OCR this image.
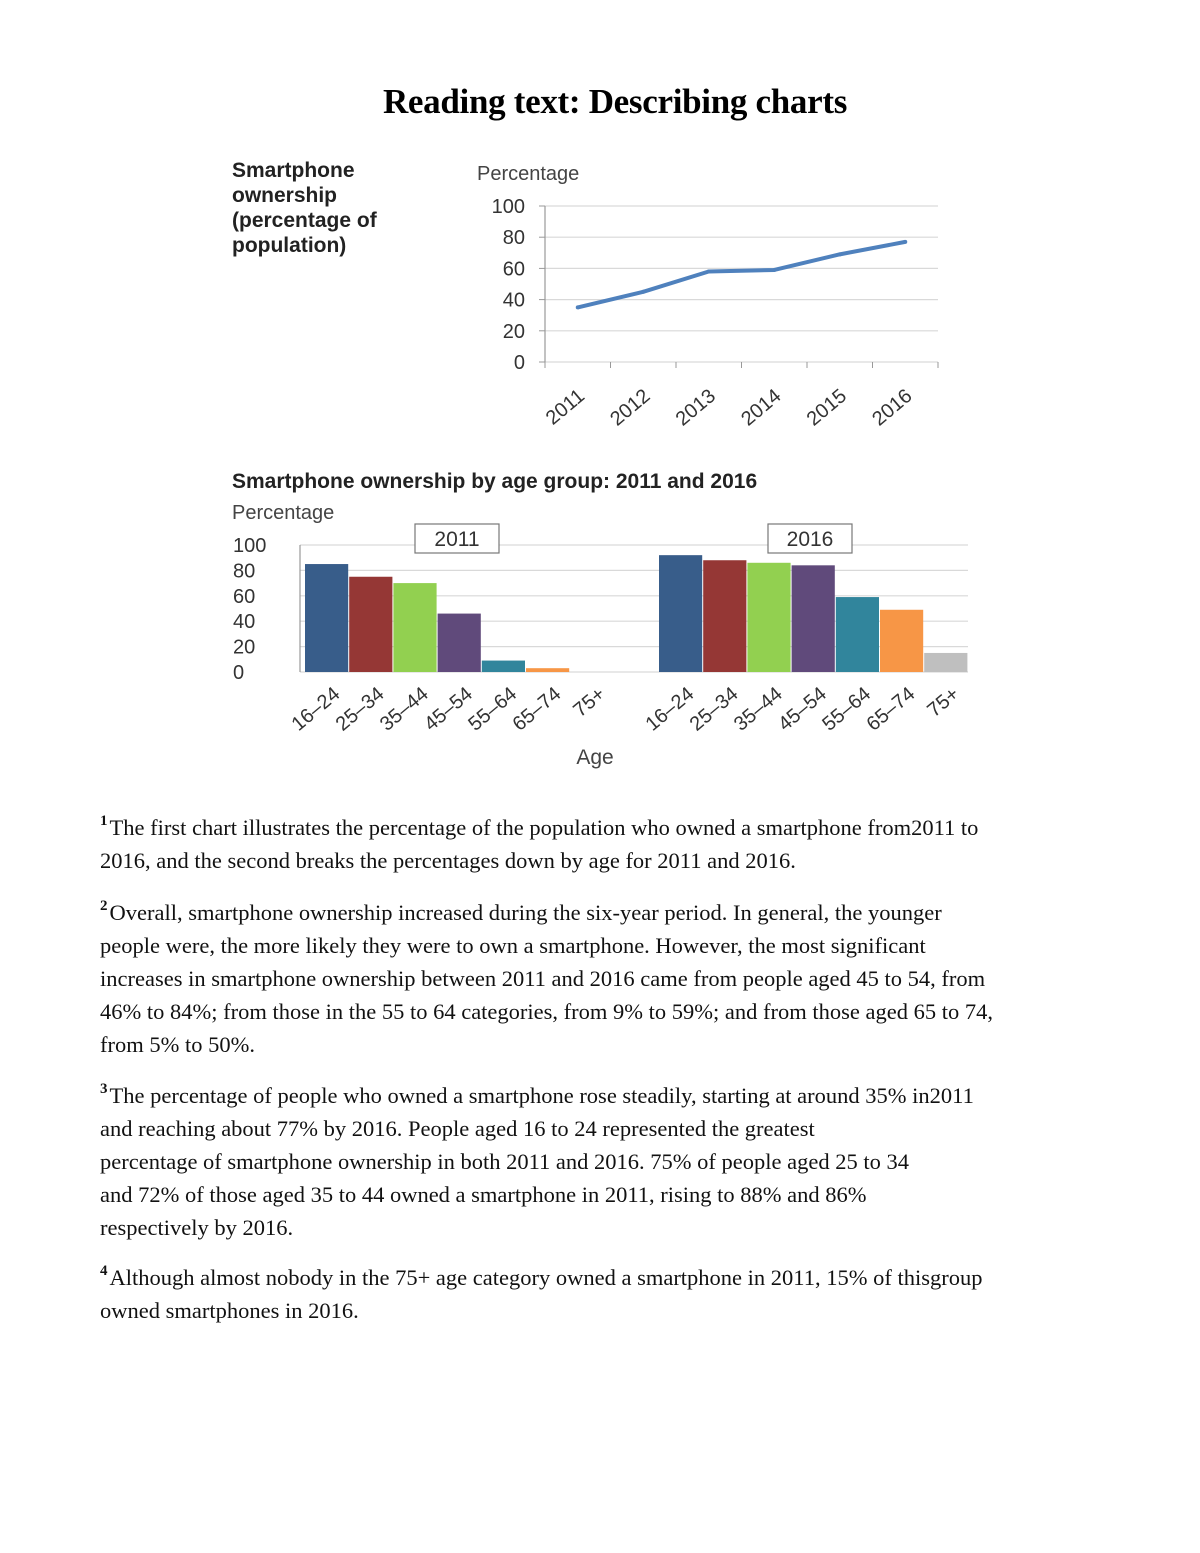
Reading text: Describing charts
Smartphone
ownership
(percentage of
population)
Percentage
0
20
40
60
80
100
2011 2012 2013 2014 2015 2016
Smartphone ownership by age group: 2011 and 2016
Percentage
0
20
40
60
80
100
16–24
25–34
35–44
45–54
55–64
65–74 75+
2011
16–24
25–34
35–44
45–54
55–64
65–74 75+
2016
Age
$^1$The first chart illustrates the percentage of the population who owned a smartphone from2011 to
2016, and the second breaks the percentages down by age for 2011 and 2016.
$^2$Overall, smartphone ownership increased during the six-year period. In general, the younger
people were, the more likely they were to own a smartphone. However, the most significant
increases in smartphone ownership between 2011 and 2016 came from people aged 45 to 54, from
46% to 84%; from those in the 55 to 64 categories, from 9% to 59%; and from those aged 65 to 74,
from 5% to 50%.
$^3$The percentage of people who owned a smartphone rose steadily, starting at around 35% in2011
and reaching about 77% by 2016. People aged 16 to 24 represented the greatest
percentage of smartphone ownership in both 2011 and 2016. 75% of people aged 25 to 34
and 72% of those aged 35 to 44 owned a smartphone in 2011, rising to 88% and 86%
respectively by 2016.
$^4$Although almost nobody in the 75+ age category owned a smartphone in 2011, 15% of thisgroup
owned smartphones in 2016.
